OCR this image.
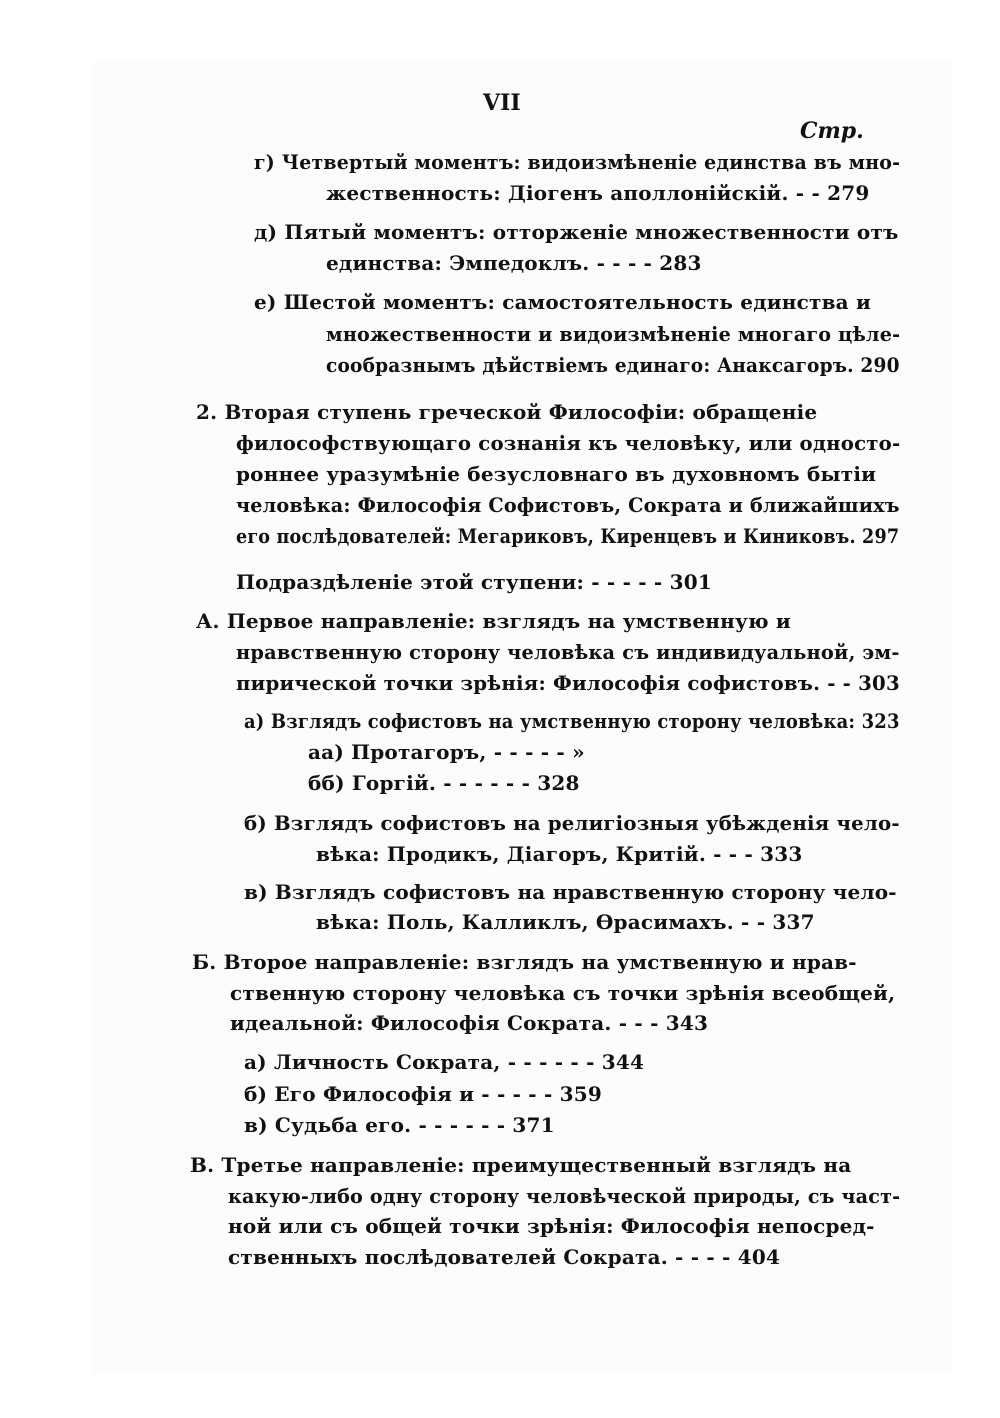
VII
Стр.
г) Четвертый моментъ: видоизмѣненіе единства въ мно-
жественность: Діогенъ аполлонійскій. - - 279
д) Пятый моментъ: отторженіе множественности отъ
единства: Эмпедоклъ. - - - - 283
е) Шестой моментъ: самостоятельность единства и
множественности и видоизмѣненіе многаго цѣле-
сообразнымъ дѣйствіемъ единаго: Анаксагоръ. 290
2. Вторая ступень греческой Философіи: обращеніе
философствующаго сознанія къ человѣку, или односто-
роннее уразумѣніе безусловнаго въ духовномъ бытіи
человѣка: Философія Софистовъ, Сократа и ближайшихъ
его послѣдователей: Мегариковъ, Киренцевъ и Киниковъ. 297
Подраздѣленіе этой ступени: - - - - - 301
А. Первое направленіе: взглядъ на умственную и
нравственную сторону человѣка съ индивидуальной, эм-
пирической точки зрѣнія: Философія софистовъ. - - 303
а) Взглядъ софистовъ на умственную сторону человѣка: 323
аа) Протагоръ, - - - - - »
бб) Горгій. - - - - - - 328
б) Взглядъ софистовъ на религіозныя убѣжденія чело-
вѣка: Продикъ, Діагоръ, Критій. - - - 333
в) Взглядъ софистовъ на нравственную сторону чело-
вѣка: Поль, Калликлъ, Ѳрасимахъ. - - 337
Б. Второе направленіе: взглядъ на умственную и нрав-
ственную сторону человѣка съ точки зрѣнія всеобщей,
идеальной: Философія Сократа. - - - 343
а) Личность Сократа, - - - - - - 344
б) Его Философія и - - - - - 359
в) Судьба его. - - - - - - 371
В. Третье направленіе: преимущественный взглядъ на
какую-либо одну сторону человѣческой природы, съ част-
ной или съ общей точки зрѣнія: Философія непосред-
ственныхъ послѣдователей Сократа. - - - - 404
